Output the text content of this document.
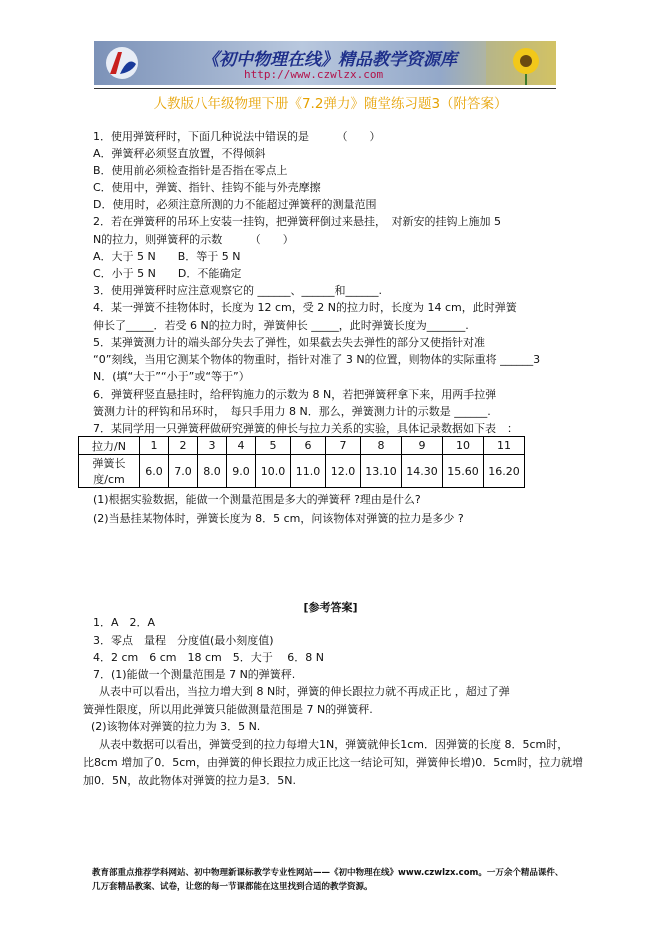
《初中物理在线》精品教学资源库
http://www.czwlzx.com
人教版八年级物理下册《7.2弹力》随堂练习题3（附答案）
1．使用弹簧秤时，下面几种说法中错误的是　　　（　　）
A．弹簧秤必须竖直放置，不得倾斜
B．使用前必须检查指针是否指在零点上
C．使用中，弹簧、指针、挂钩不能与外壳摩擦
D．使用时，必须注意所测的力不能超过弹簧秤的测量范围
2．若在弹簧秤的吊环上安装一挂钩，把弹簧秤倒过来悬挂，　对新安的挂钩上施加 5
N的拉力，则弹簧秤的示数　　　（　　）
A．大于 5 N　　B．等于 5 N
C．小于 5 N　　D．不能确定
3．使用弹簧秤时应注意观察它的 ______、______和______.
4．某一弹簧不挂物体时，长度为 12 cm，受 2 N的拉力时，长度为 14 cm，此时弹簧
伸长了_____．若受 6 N的拉力时，弹簧伸长 _____，此时弹簧长度为_______.
5．某弹簧测力计的端头部分失去了弹性，如果截去失去弹性的部分又使指针对准
“0”刻线，当用它测某个物体的物重时，指针对准了 3 N的位置，则物体的实际重将 ______3
N．(填“大于”“小于”或“等于”）
6．弹簧秤竖直悬挂时，给秤钩施力的示数为 8 N，若把弹簧秤拿下来，用两手拉弹
簧测力计的秤钩和吊环时，　每只手用力 8 N．那么，弹簧测力计的示数是 ______.
7．某同学用一只弹簧秤做研究弹簧的伸长与拉力关系的实验，具体记录数据如下表　：
拉力/N	1	2	3	4	5	6	7	8	9	10	11
弹簧长
度/cm	6.0	7.0	8.0	9.0	10.0	11.0	12.0	13.10	14.30	15.60	16.20
(1)根据实验数据，能做一个测量范围是多大的弹簧秤 ?理由是什么?
(2)当悬挂某物体时，弹簧长度为 8．5 cm，问该物体对弹簧的拉力是多少 ?
[参考答案]
1．A　2．A
3．零点　量程　分度值(最小刻度值)
4．2 cm　6 cm　18 cm　5．大于　 6．8 N
7．(1)能做一个测量范围是 7 N的弹簧秤.
从表中可以看出，当拉力增大到 8 N时，弹簧的伸长跟拉力就不再成正比 ，超过了弹
簧弹性限度，所以用此弹簧只能做测量范围是 7 N的弹簧秤.
(2)该物体对弹簧的拉力为 3．5 N.
从表中数据可以看出，弹簧受到的拉力每增大1N，弹簧就伸长1cm．因弹簧的长度 8．5cm时，
比8cm 增加了0．5cm，由弹簧的伸长跟拉力成正比这一结论可知，弹簧伸长增)0．5cm时，拉力就增
加0．5N，故此物体对弹簧的拉力是3．5N.
教育部重点推荐学科网站、初中物理新课标教学专业性网站——《初中物理在线》www.czwlzx.com。一万余个精品课件、
几万套精品教案、试卷，让您的每一节课都能在这里找到合适的教学资源。
